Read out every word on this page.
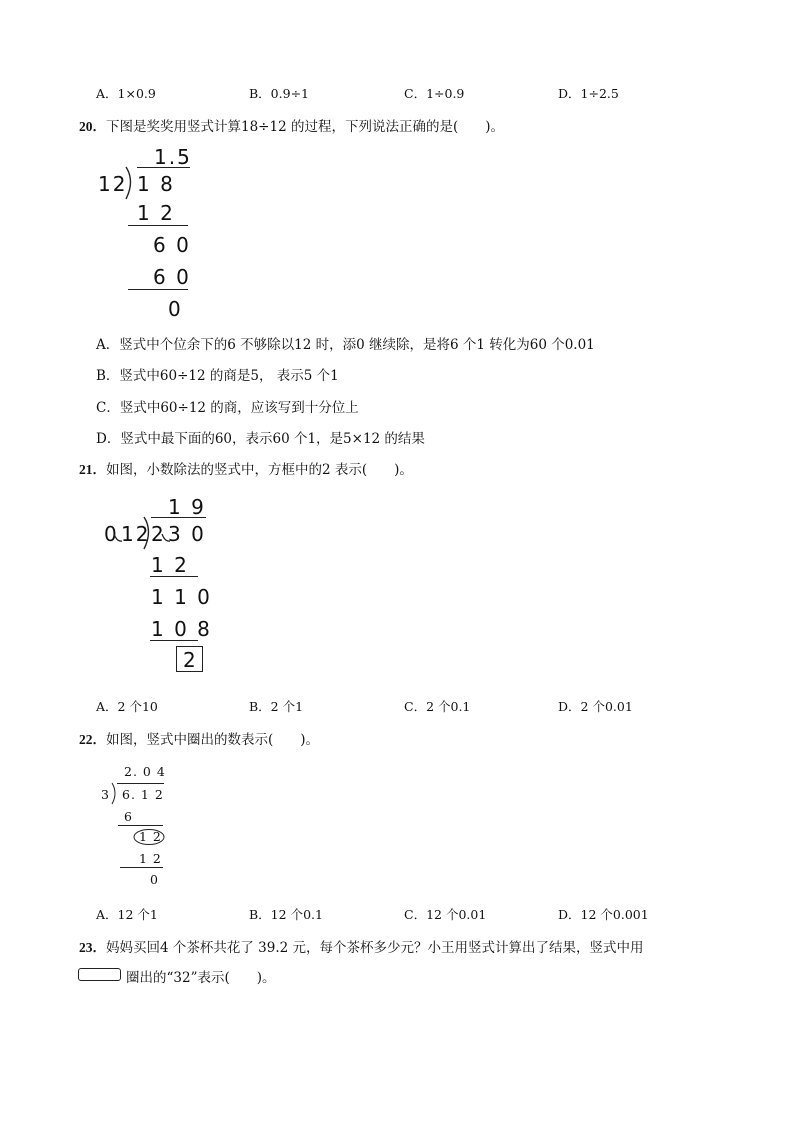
A．1×0.9	B．0.9÷1	C．1÷0.9	D．1÷2.5
20．下图是奖奖用竖式计算18÷12 的过程，下列说法正确的是(　　)。
1.5
12 1 8
1 2
6 0
6 0
0
A．竖式中个位余下的6 不够除以12 时，添0 继续除，是将6 个1 转化为60 个0.01
B．竖式中60÷12 的商是5， 表示5 个1
C．竖式中60÷12 的商，应该写到十分位上
D．竖式中最下面的60，表示60 个1，是5×12 的结果
21．如图，小数除法的竖式中，方框中的2 表示(　　)。
1 9
0 12 2 3 0
1 2
1 1 0
1 0 8
2
A．2 个10	B．2 个1	C．2 个0.1	D．2 个0.01
22．如图，竖式中圈出的数表示(　　)。
2. 0 4
3 6. 1 2
6
1 2
1 2
0
A．12 个1	B．12 个0.1	C．12 个0.01	D．12 个0.001
23．妈妈买回4 个茶杯共花了 39.2 元，每个茶杯多少元？小王用竖式计算出了结果，竖式中用
圈出的“32”表示(　　)。
